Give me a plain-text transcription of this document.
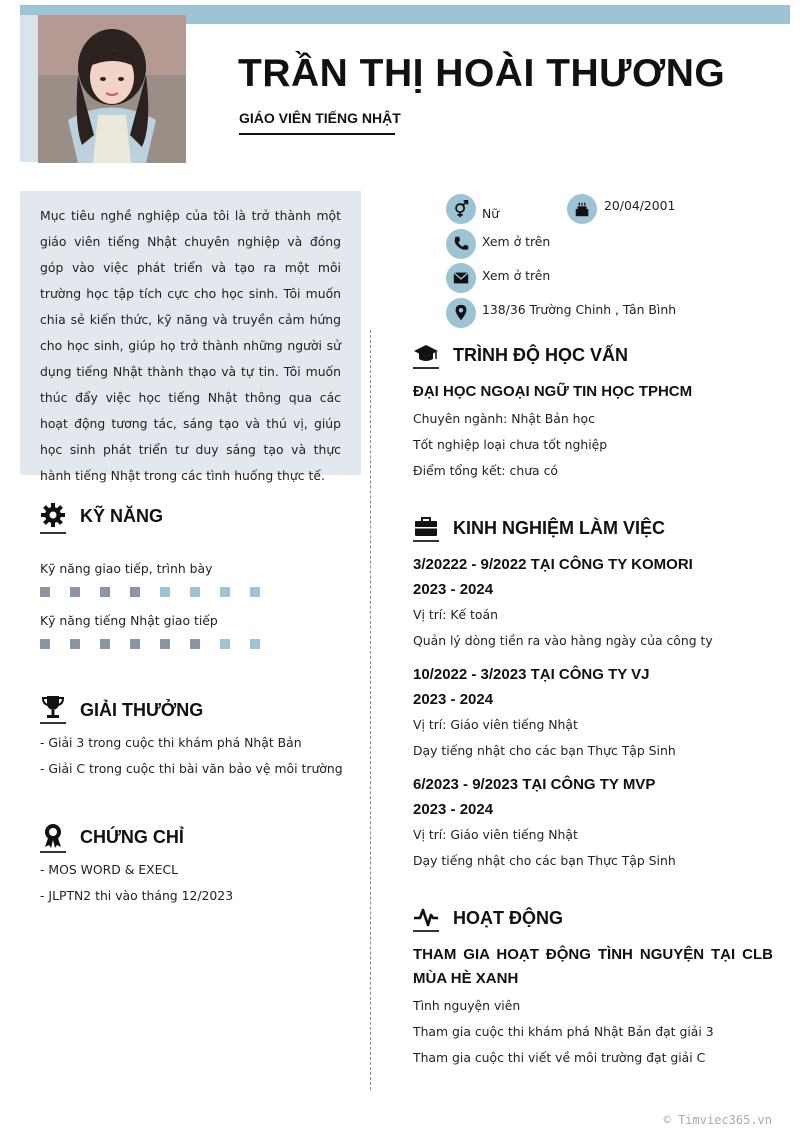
TRẦN THỊ HOÀI THƯƠNG
GIÁO VIÊN TIẾNG NHẬT

Mục tiêu nghề nghiệp của tôi là trở thành một giáo viên tiếng Nhật chuyên nghiệp và đóng góp vào việc phát triển và tạo ra một môi trường học tập tích cực cho học sinh. Tôi muốn chia sẻ kiến thức, kỹ năng và truyền cảm hứng cho học sinh, giúp họ trở thành những người sử dụng tiếng Nhật thành thạo và tự tin. Tôi muốn thúc đẩy việc học tiếng Nhật thông qua các hoạt động tương tác, sáng tạo và thú vị, giúp học sinh phát triển tư duy sáng tạo và thực hành tiếng Nhật trong các tình huống thực tế.

Nữ
20/04/2001
Xem ở trên
Xem ở trên
138/36 Trường Chinh , Tân Bình
KỸ NĂNG
Kỹ năng giao tiếp, trình bày
Kỹ năng tiếng Nhật giao tiếp
GIẢI THƯỞNG
- Giải 3 trong cuộc thi khám phá Nhật Bản
- Giải C trong cuộc thi bài văn bảo vệ môi trường
CHỨNG CHỈ
- MOS WORD & EXECL
- JLPTN2 thi vào tháng 12/2023
TRÌNH ĐỘ HỌC VẤN
ĐẠI HỌC NGOẠI NGỮ TIN HỌC TPHCM
Chuyên ngành: Nhật Bản học
Tốt nghiệp loại chưa tốt nghiệp
Điểm tổng kết: chưa có
KINH NGHIỆM LÀM VIỆC
3/20222 - 9/2022 TẠI CÔNG TY KOMORI
2023 - 2024
Vị trí: Kế toán
Quản lý dòng tiền ra vào hàng ngày của công ty
10/2022 - 3/2023 TẠI CÔNG TY VJ
2023 - 2024
Vị trí: Giáo viên tiếng Nhật
Dạy tiếng nhật cho các bạn Thực Tập Sinh
6/2023 - 9/2023 TẠI CÔNG TY MVP
2023 - 2024
Vị trí: Giáo viên tiếng Nhật
Dạy tiếng nhật cho các bạn Thực Tập Sinh
HOẠT ĐỘNG
THAM GIA HOẠT ĐỘNG TÌNH NGUYỆN TẠI CLB
MÙA HÈ XANH
Tình nguyện viên
Tham gia cuộc thi khám phá Nhật Bản đạt giải 3
Tham gia cuộc thi viết về môi trường đạt giải C
© Timviec365.vn
